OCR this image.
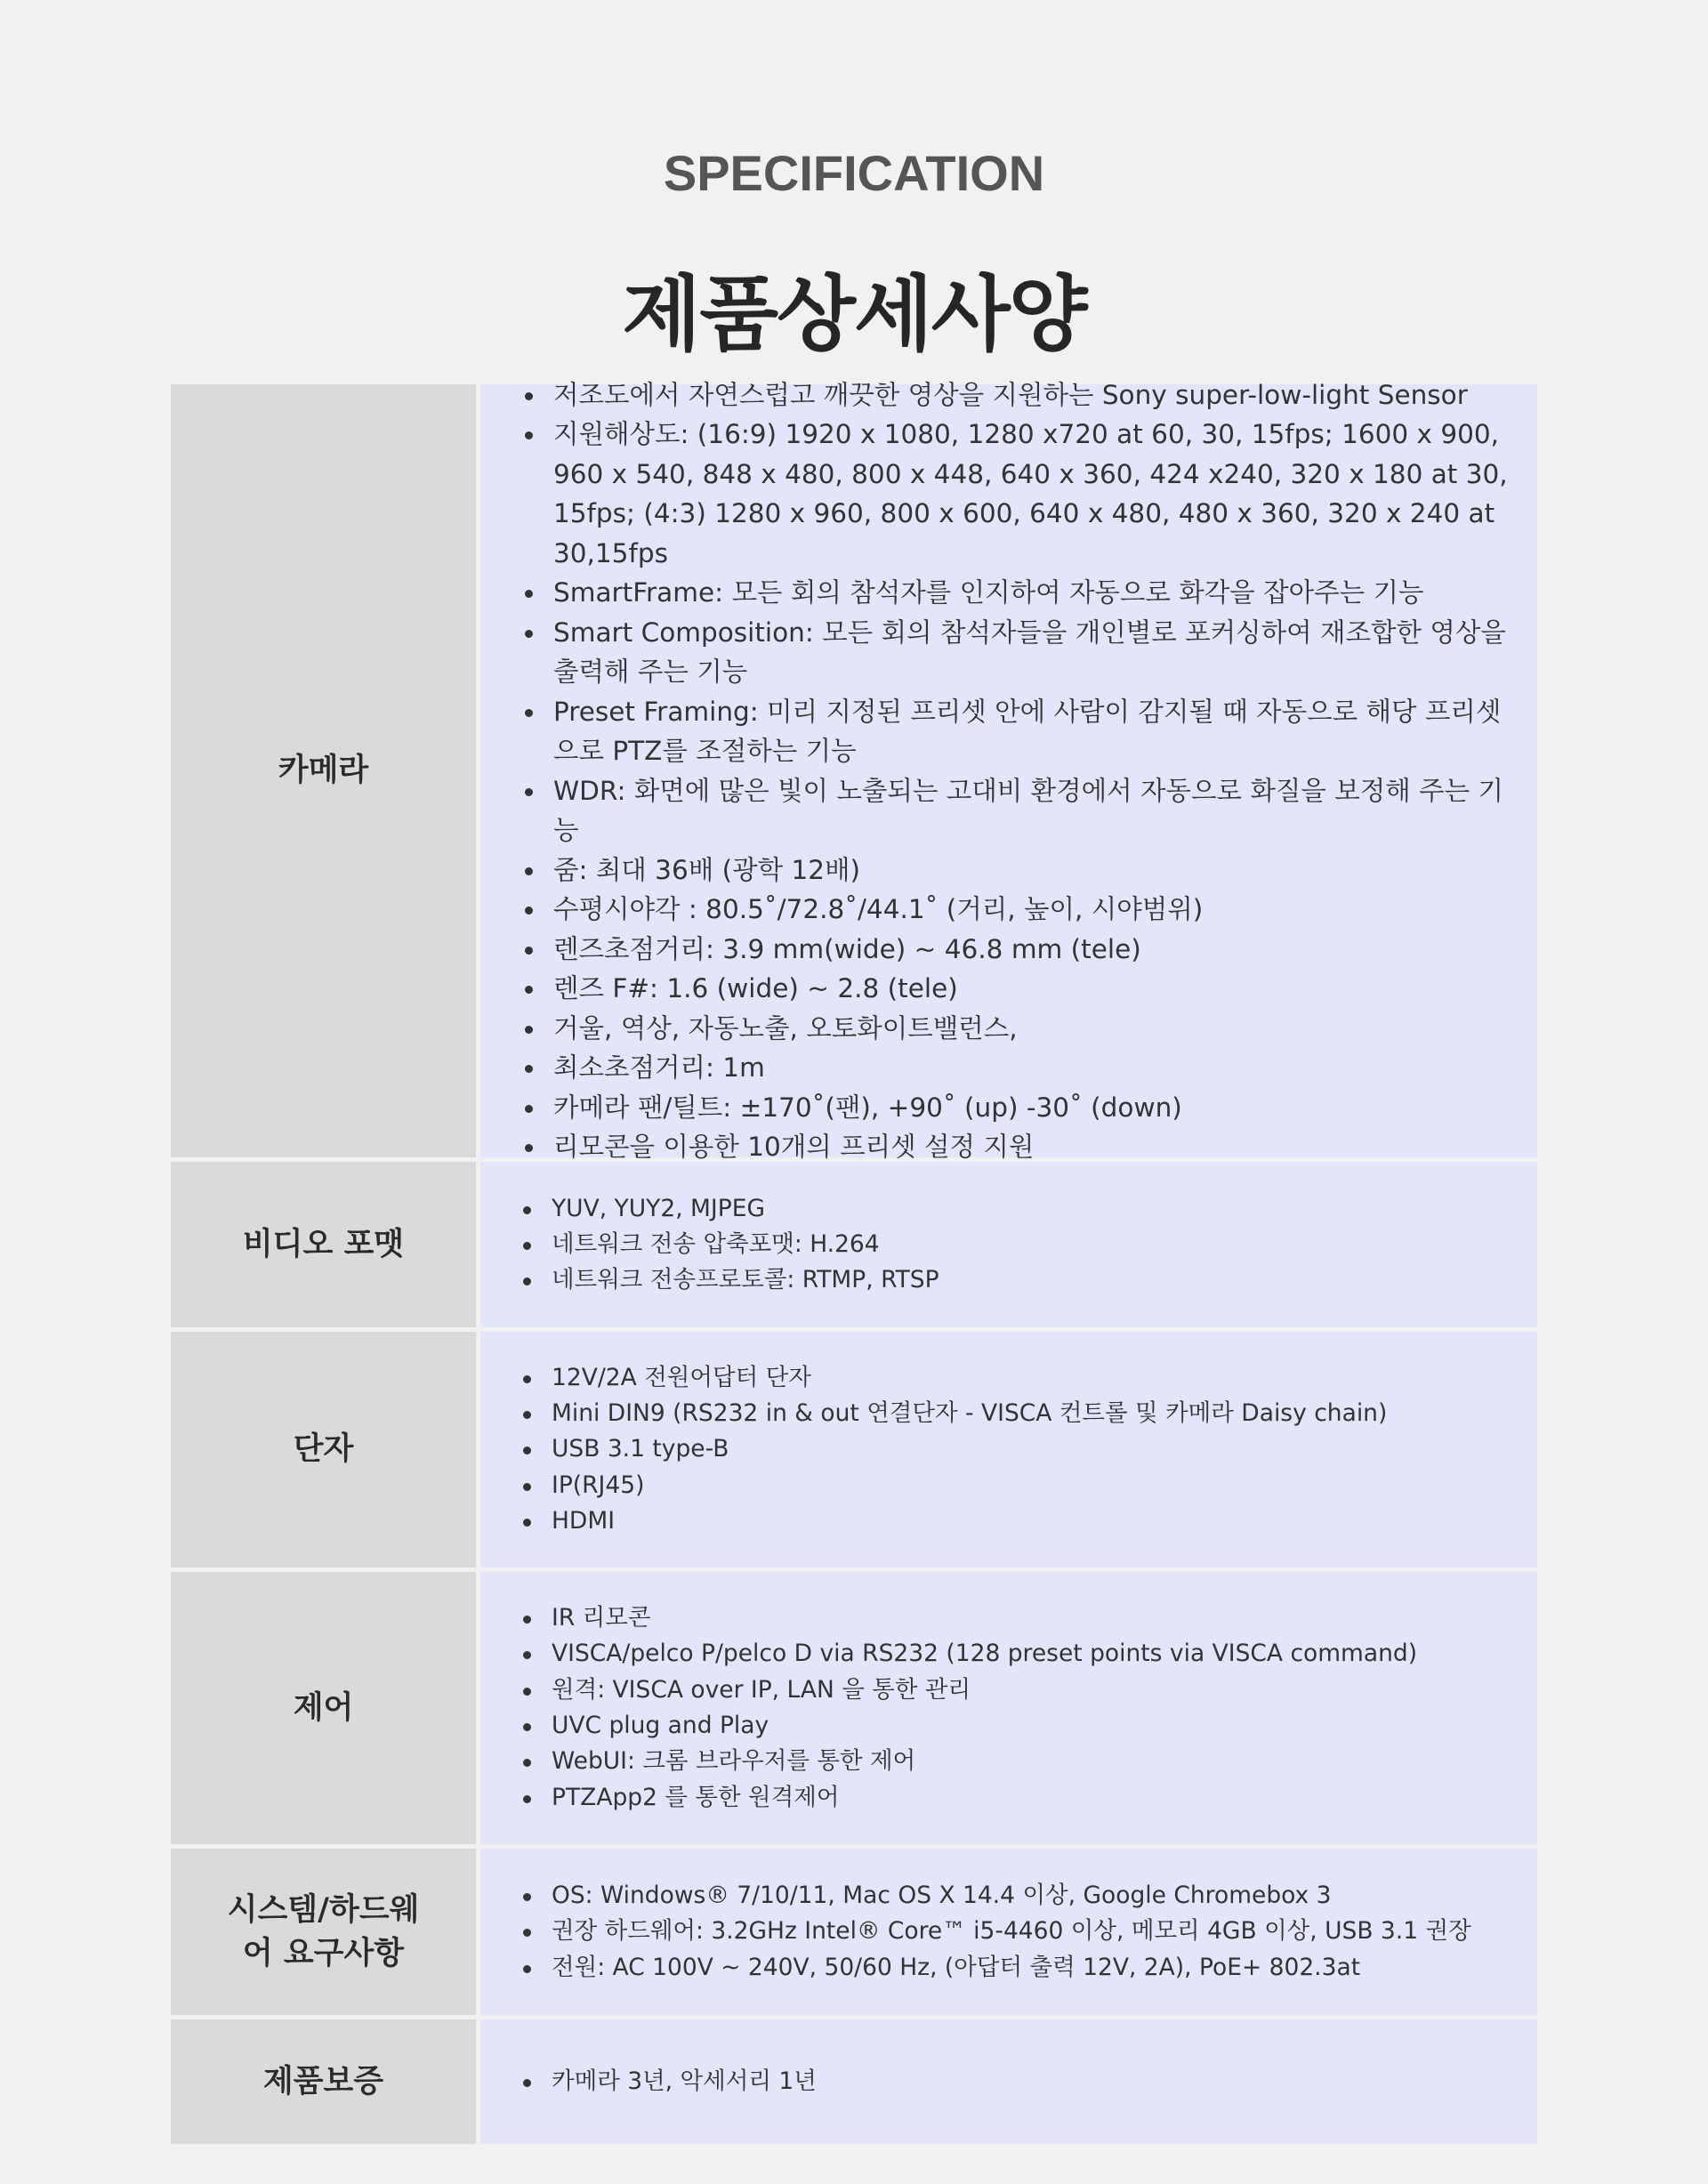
SPECIFICATION
제품상세사양
카메라
저조도에서 자연스럽고 깨끗한 영상을 지원하는 Sony super-low-light Sensor
지원해상도: (16:9) 1920 x 1080, 1280 x720 at 60, 30, 15fps; 1600 x 900, 960 x 540, 848 x 480, 800 x 448, 640 x 360, 424 x240, 320 x 180 at 30, 15fps; (4:3) 1280 x 960, 800 x 600, 640 x 480, 480 x 360, 320 x 240 at 30,15fps
SmartFrame: 모든 회의 참석자를 인지하여 자동으로 화각을 잡아주는 기능
Smart Composition: 모든 회의 참석자들을 개인별로 포커싱하여 재조합한 영상을 출력해 주는 기능
Preset Framing: 미리 지정된 프리셋 안에 사람이 감지될 때 자동으로 해당 프리셋으로 PTZ를 조절하는 기능
WDR: 화면에 많은 빛이 노출되는 고대비 환경에서 자동으로 화질을 보정해 주는 기능
줌: 최대 36배 (광학 12배)
수평시야각 : 80.5˚/72.8˚/44.1˚ (거리, 높이, 시야범위)
렌즈초점거리: 3.9 mm(wide) ~ 46.8 mm (tele)
렌즈 F#: 1.6 (wide) ~ 2.8 (tele)
거울, 역상, 자동노출, 오토화이트밸런스,
최소초점거리: 1m
카메라 팬/틸트: ±170˚(팬), +90˚ (up) -30˚ (down)
리모콘을 이용한 10개의 프리셋 설정 지원
비디오 포맷
YUV, YUY2, MJPEG
네트워크 전송 압축포맷: H.264
네트워크 전송프로토콜: RTMP, RTSP
단자
12V/2A 전원어답터 단자
Mini DIN9 (RS232 in & out 연결단자 - VISCA 컨트롤 및 카메라 Daisy chain)
USB 3.1 type-B
IP(RJ45)
HDMI
제어
IR 리모콘
VISCA/pelco P/pelco D via RS232 (128 preset points via VISCA command)
원격: VISCA over IP, LAN 을 통한 관리
UVC plug and Play
WebUI: 크롬 브라우저를 통한 제어
PTZApp2 를 통한 원격제어
시스템/하드웨어 요구사항
OS: Windows® 7/10/11, Mac OS X 14.4 이상, Google Chromebox 3
권장 하드웨어: 3.2GHz Intel® Core™ i5-4460 이상, 메모리 4GB 이상, USB 3.1 권장
전원: AC 100V ~ 240V, 50/60 Hz, (아답터 출력 12V, 2A), PoE+ 802.3at
제품보증	카메라 3년, 악세서리 1년
